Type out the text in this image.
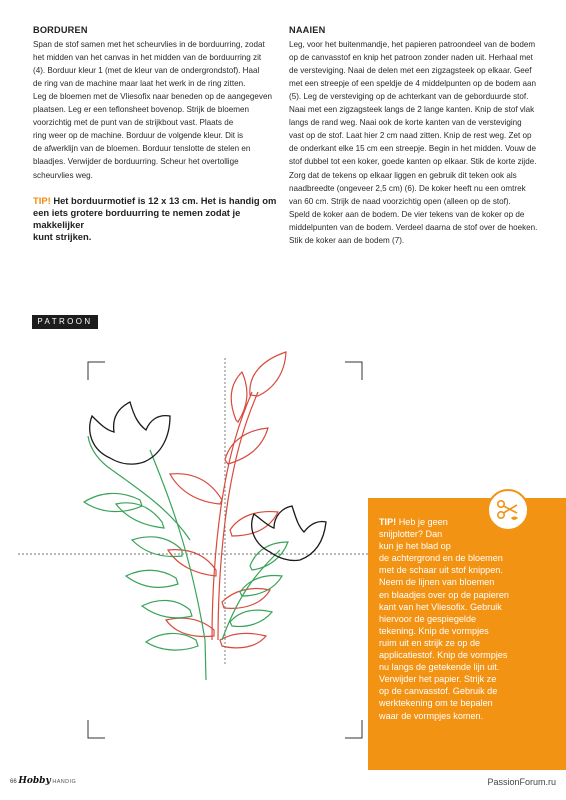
BORDUREN
Span de stof samen met het scheurvlies in de borduurring, zodat
het midden van het canvas in het midden van de borduurring zit
(4). Borduur kleur 1 (met de kleur van de ondergrondstof). Haal
de ring van de machine maar laat het werk in de ring zitten.
Leg de bloemen met de Vliesofix naar beneden op de aangegeven
plaatsen. Leg er een teflonsheet bovenop. Strijk de bloemen
voorzichtig met de punt van de strijkbout vast. Plaats de
ring weer op de machine. Borduur de volgende kleur. Dit is
de afwerklijn van de bloemen. Borduur tenslotte de stelen en
blaadjes. Verwijder de borduurring. Scheur het overtollige
scheurvlies weg.
TIP! Het borduurmotief is 12 x 13 cm. Het is handig om
een iets grotere borduurring te nemen zodat je makkelijker
kunt strijken.
NAAIEN
Leg, voor het buitenmandje, het papieren patroondeel van de bodem
op de canvasstof en knip het patroon zonder naden uit. Herhaal met
de versteviging. Naai de delen met een zigzagsteek op elkaar. Geef
met een streepje of een speldje de 4 middelpunten op de bodem aan
(5). Leg de versteviging op de achterkant van de geborduurde stof.
Naai met een zigzagsteek langs de 2 lange kanten. Knip de stof vlak
langs de rand weg. Naai ook de korte kanten van de versteviging
vast op de stof. Laat hier 2 cm naad zitten. Knip de rest weg. Zet op
de onderkant elke 15 cm een streepje. Begin in het midden. Vouw de
stof dubbel tot een koker, goede kanten op elkaar. Stik de korte zijde.
Zorg dat de tekens op elkaar liggen en gebruik dit teken ook als
naadbreedte (ongeveer 2,5 cm) (6). De koker heeft nu een omtrek
van 60 cm. Strijk de naad voorzichtig open (alleen op de stof).
Speld de koker aan de bodem. De vier tekens van de koker op de
middelpunten van de bodem. Verdeel daarna de stof over de hoeken.
Stik de koker aan de bodem (7).
PATROON
TIP! Heb je geen
snijplotter? Dan
kun je het blad op
de achtergrond en de bloemen
met de schaar uit stof knippen.
Neem de lijnen van bloemen
en blaadjes over op de papieren
kant van het Vliesofix. Gebruik
hiervoor de gespiegelde
tekening. Knip de vormpjes
ruim uit en strijk ze op de
applicatiestof. Knip de vormpjes
nu langs de getekende lijn uit.
Verwijder het papier. Strijk ze
op de canvasstof. Gebruik de
werktekening om te bepalen
waar de vormpjes komen.
66 Hobby HANDIG	PassionForum.ru
